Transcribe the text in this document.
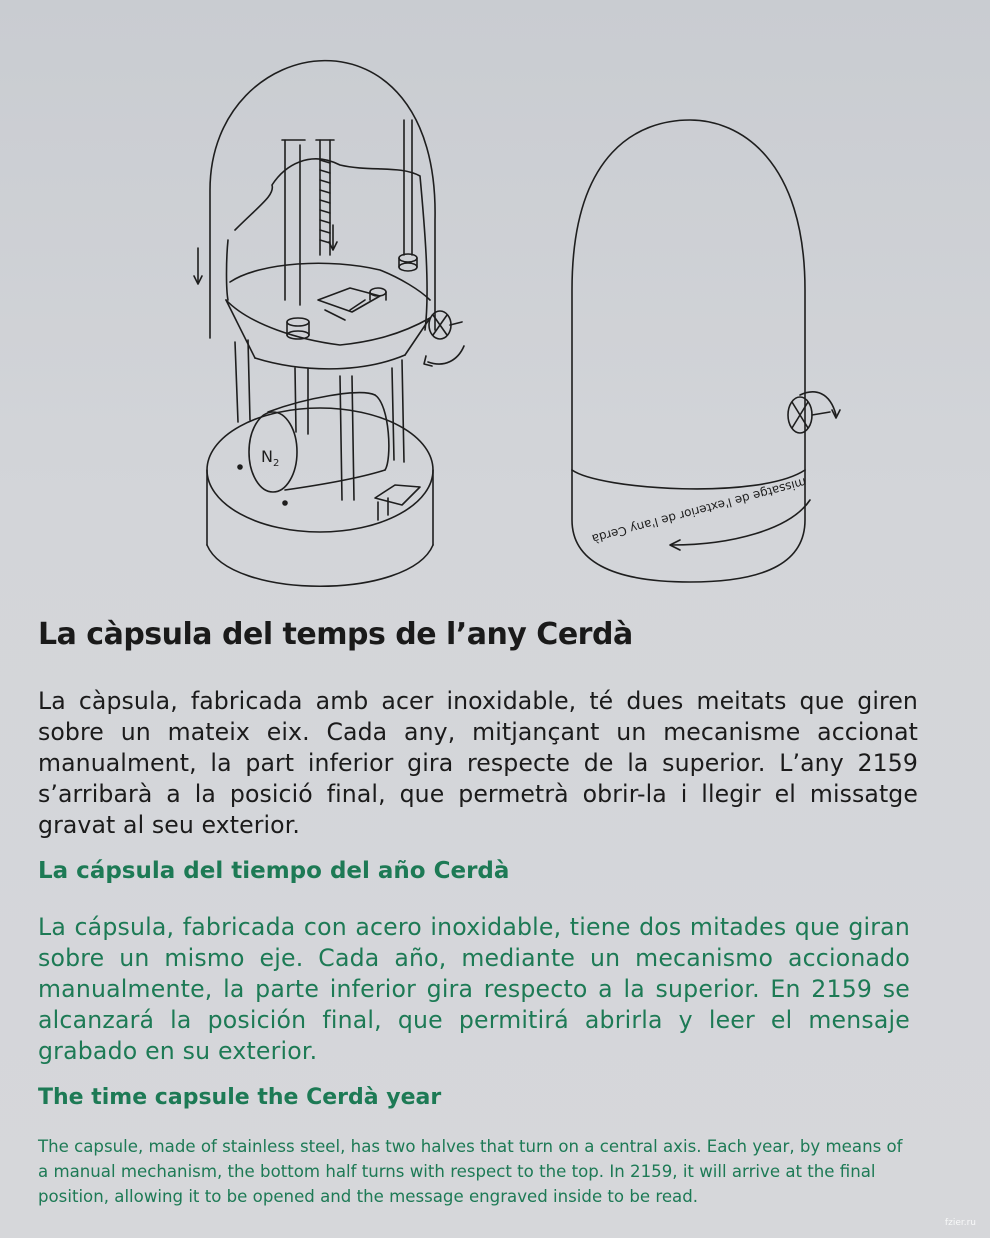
$N_2$
missatge de l'exterior de l'any Cerdà
La càpsula del temps de l’any Cerdà

La càpsula, fabricada amb acer inoxidable, té dues meitats que giren sobre un mateix eix. Cada any, mitjançant un mecanisme accionat manualment, la part inferior gira respecte de la superior. L’any 2159 s’arribarà a la posició final, que permetrà obrir-la i llegir el missatge gravat al seu exterior.

La cápsula del tiempo del año Cerdà

La cápsula, fabricada con acero inoxidable, tiene dos mitades que giran sobre un mismo eje. Cada año, mediante un mecanismo accionado manualmente, la parte inferior gira respecto a la superior. En 2159 se alcanzará la posición final, que permitirá abrirla y leer el mensaje grabado en su exterior.

The time capsule the Cerdà year

The capsule, made of stainless steel, has two halves that turn on a central axis. Each year, by means of a manual mechanism, the bottom half turns with respect to the top. In 2159, it will arrive at the final position, allowing it to be opened and the message engraved inside to be read.

fzier.ru
